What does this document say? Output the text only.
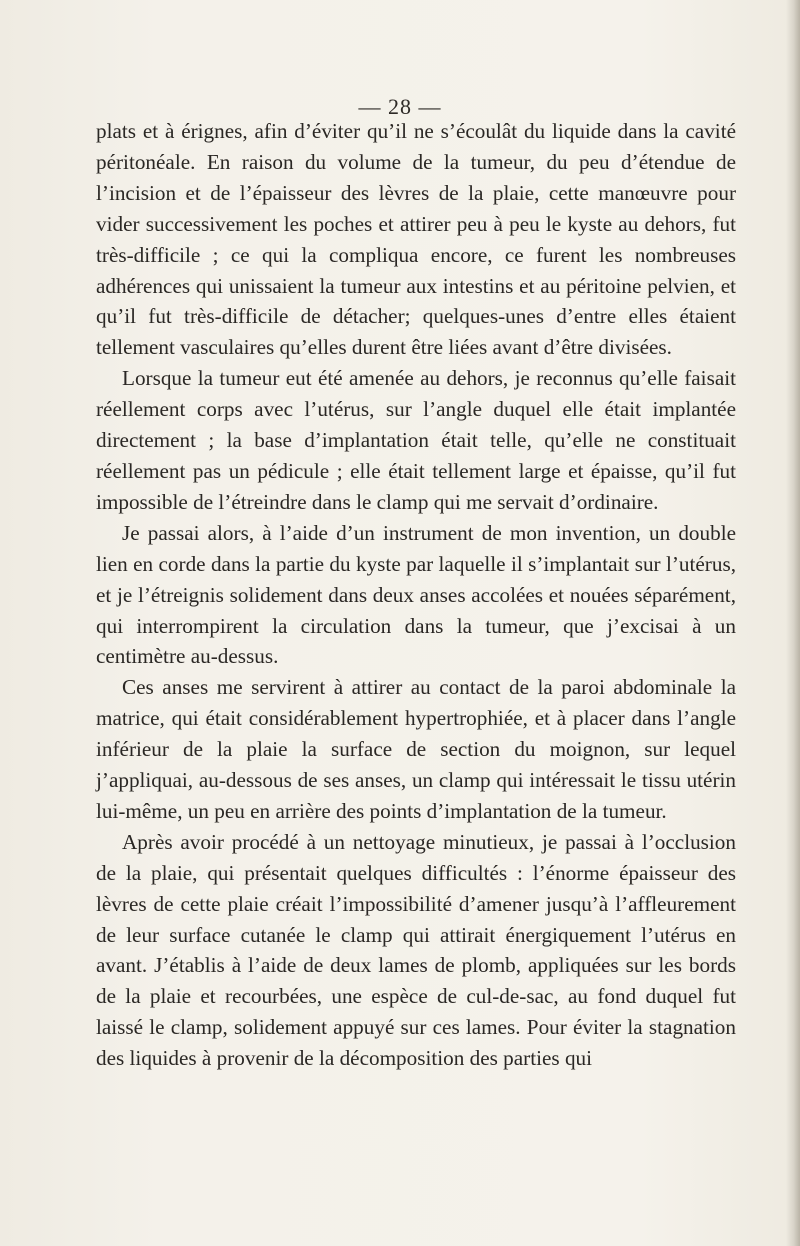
— 28 —

plats et à érignes, afin d’éviter qu’il ne s’écoulât du liquide dans la cavité péritonéale. En raison du volume de la tumeur, du peu d’étendue de l’incision et de l’épaisseur des lèvres de la plaie, cette manœuvre pour vider successivement les poches et attirer peu à peu le kyste au dehors, fut très-difficile ; ce qui la compliqua encore, ce furent les nombreuses adhérences qui unissaient la tumeur aux intestins et au péritoine pelvien, et qu’il fut très-difficile de détacher; quelques-unes d’entre elles étaient tellement vasculaires qu’elles durent être liées avant d’être divisées.

Lorsque la tumeur eut été amenée au dehors, je reconnus qu’elle faisait réellement corps avec l’utérus, sur l’angle duquel elle était implantée directement ; la base d’implantation était telle, qu’elle ne constituait réellement pas un pédicule ; elle était tellement large et épaisse, qu’il fut impossible de l’étreindre dans le clamp qui me servait d’ordinaire.

Je passai alors, à l’aide d’un instrument de mon invention, un double lien en corde dans la partie du kyste par laquelle il s’implantait sur l’utérus, et je l’étreignis solidement dans deux anses accolées et nouées séparément, qui interrompirent la circulation dans la tumeur, que j’excisai à un centimètre au-dessus.

Ces anses me servirent à attirer au contact de la paroi abdominale la matrice, qui était considérablement hypertrophiée, et à placer dans l’angle inférieur de la plaie la surface de section du moignon, sur lequel j’appliquai, au-dessous de ses anses, un clamp qui intéressait le tissu utérin lui-même, un peu en arrière des points d’implantation de la tumeur.

Après avoir procédé à un nettoyage minutieux, je passai à l’occlusion de la plaie, qui présentait quelques difficultés : l’énorme épaisseur des lèvres de cette plaie créait l’impossibilité d’amener jusqu’à l’affleurement de leur surface cutanée le clamp qui attirait énergiquement l’utérus en avant. J’établis à l’aide de deux lames de plomb, appliquées sur les bords de la plaie et recourbées, une espèce de cul-de-sac, au fond duquel fut laissé le clamp, solidement appuyé sur ces lames. Pour éviter la stagnation des liquides à provenir de la décomposition des parties qui
